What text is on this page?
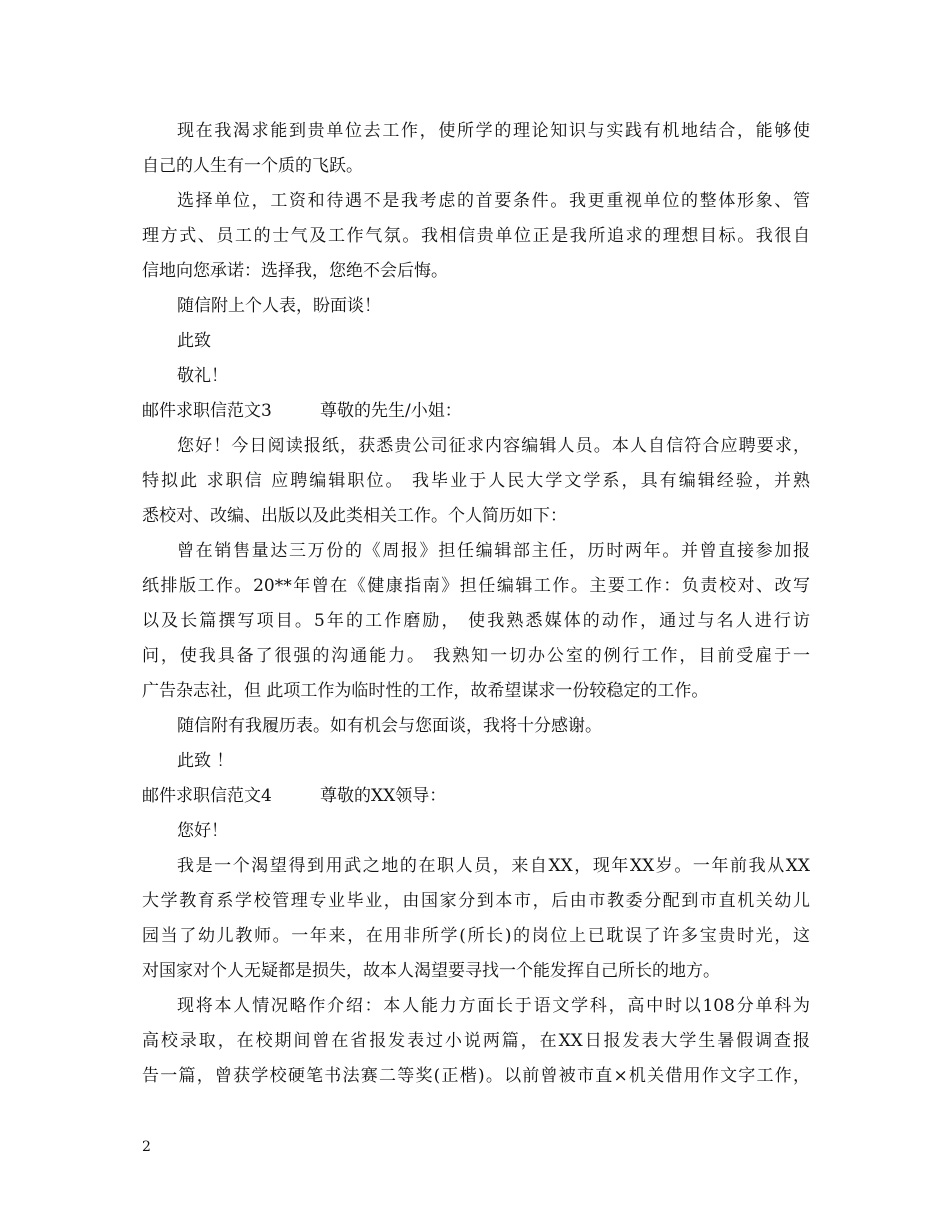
现在我渴求能到贵单位去工作，使所学的理论知识与实践有机地结合，能够使
自己的人生有一个质的飞跃。
选择单位，工资和待遇不是我考虑的首要条件。我更重视单位的整体形象、管
理方式、员工的士气及工作气氛。我相信贵单位正是我所追求的理想目标。我很自
信地向您承诺：选择我，您绝不会后悔。
随信附上个人表，盼面谈！
此致
敬礼！
邮件求职信范文3	尊敬的先生/小姐：
您好！今日阅读报纸，获悉贵公司征求内容编辑人员。本人自信符合应聘要求，
特拟此 求职信 应聘编辑职位。 我毕业于人民大学文学系，具有编辑经验，并熟
悉校对、改编、出版以及此类相关工作。个人简历如下：
曾在销售量达三万份的《周报》担任编辑部主任，历时两年。并曾直接参加报
纸排版工作。20**年曾在《健康指南》担任编辑工作。主要工作：负责校对、改写
以及长篇撰写项目。5年的工作磨励， 使我熟悉媒体的动作，通过与名人进行访
问，使我具备了很强的沟通能力。 我熟知一切办公室的例行工作，目前受雇于一
广告杂志社，但 此项工作为临时性的工作，故希望谋求一份较稳定的工作。
随信附有我履历表。如有机会与您面谈，我将十分感谢。
此致 ！
邮件求职信范文4	尊敬的XX领导：
您好！
我是一个渴望得到用武之地的在职人员，来自XX，现年XX岁。一年前我从XX
大学教育系学校管理专业毕业，由国家分到本市，后由市教委分配到市直机关幼儿
园当了幼儿教师。一年来，在用非所学(所长)的岗位上已耽误了许多宝贵时光，这
对国家对个人无疑都是损失，故本人渴望要寻找一个能发挥自己所长的地方。
现将本人情况略作介绍：本人能力方面长于语文学科，高中时以108分单科为
高校录取，在校期间曾在省报发表过小说两篇，在XX日报发表大学生暑假调查报
告一篇，曾获学校硬笔书法赛二等奖(正楷)。以前曾被市直×机关借用作文字工作，
2
